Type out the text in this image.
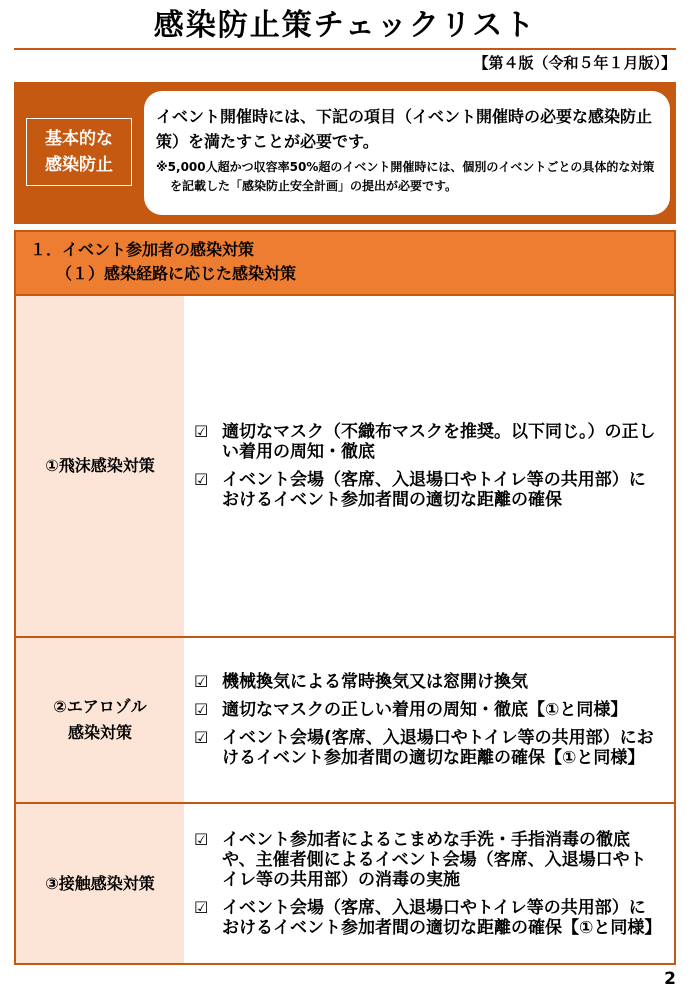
感染防止策チェックリスト
【第４版（令和５年１月版）】
基本的な
感染防止
イベント開催時には、下記の項目（イベント開催時の必要な感染防止策）を満たすことが必要です。
※5,000人超かつ収容率50%超のイベント開催時には、個別のイベントごとの具体的な対策を記載した「感染防止安全計画」の提出が必要です。
１．イベント参加者の感染対策
（１）感染経路に応じた感染対策
①飛沫感染対策
☑ 適切なマスク（不織布マスクを推奨。以下同じ。）の正しい着用の周知・徹底
☑ イベント会場（客席、入退場口やトイレ等の共用部）におけるイベント参加者間の適切な距離の確保
②エアロゾル
感染対策
☑ 機械換気による常時換気又は窓開け換気
☑ 適切なマスクの正しい着用の周知・徹底【①と同様】
☑ イベント会場(客席、入退場口やトイレ等の共用部）におけるイベント参加者間の適切な距離の確保【①と同様】
③接触感染対策
☑ イベント参加者によるこまめな手洗・手指消毒の徹底や、主催者側によるイベント会場（客席、入退場口やトイレ等の共用部）の消毒の実施
☑ イベント会場（客席、入退場口やトイレ等の共用部）におけるイベント参加者間の適切な距離の確保【①と同様】
2
